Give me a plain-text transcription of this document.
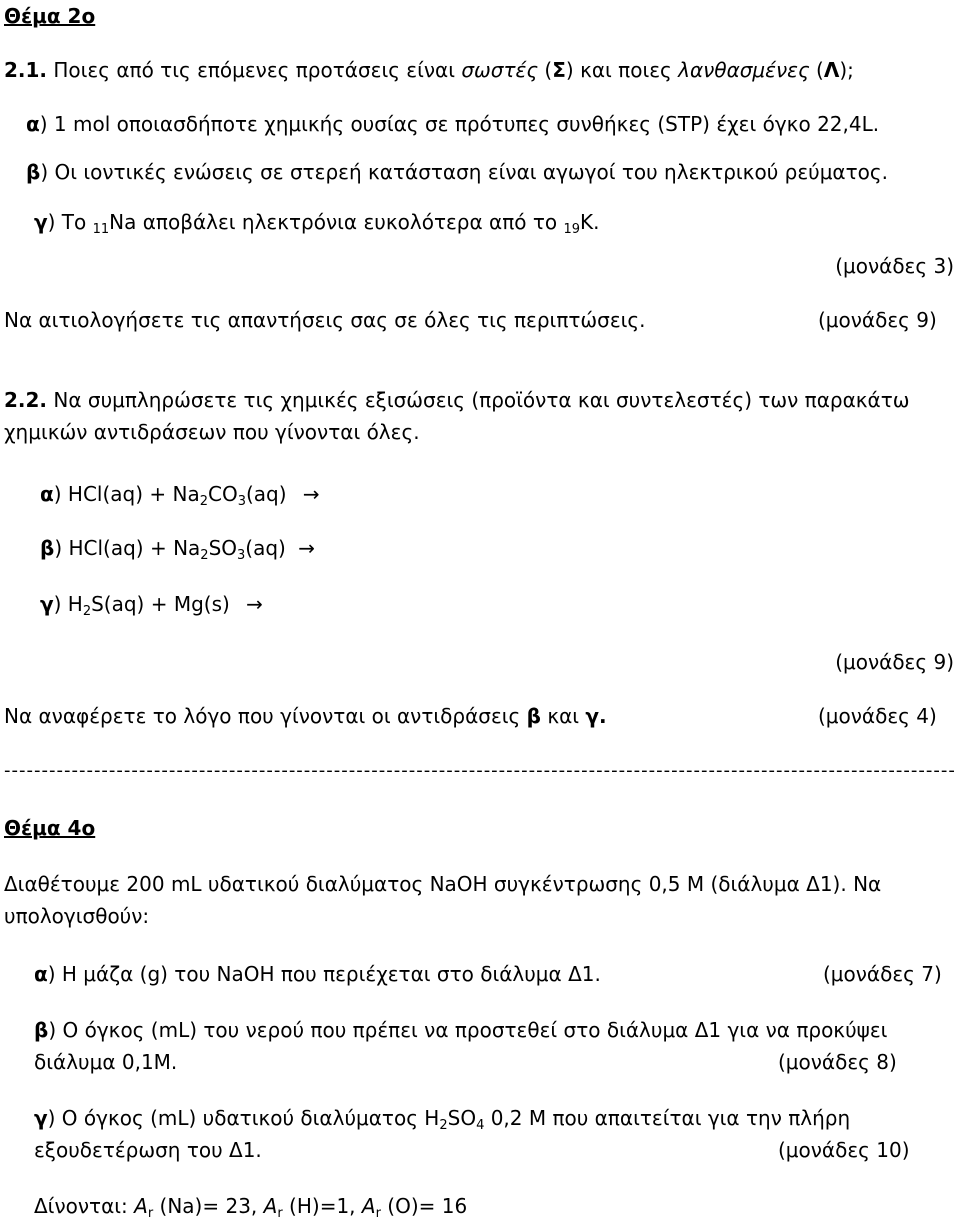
Θέμα 2ο
2.1. Ποιες από τις επόμενες προτάσεις είναι σωστές (Σ) και ποιες λανθασμένες (Λ);
α) 1 mol οποιασδήποτε χημικής ουσίας σε πρότυπες συνθήκες (STP) έχει όγκο 22,4L.
β) Οι ιοντικές ενώσεις σε στερεή κατάσταση είναι αγωγοί του ηλεκτρικού ρεύματος.
γ) Το $_{11}$Na αποβάλει ηλεκτρόνια ευκολότερα από το $_{19}$K.
(μονάδες 3)
Να αιτιολογήσετε τις απαντήσεις σας σε όλες τις περιπτώσεις.	(μονάδες 9)
2.2. Να συμπληρώσετε τις χημικές εξισώσεις (προϊόντα και συντελεστές) των παρακάτω
χημικών αντιδράσεων που γίνονται όλες.
α) $HCl(aq) + Na_2CO_3(aq)$ →
β) $HCl(aq) + Na_2SO_3(aq)$ →
γ) $H_2S(aq) + Mg(s)$ →
(μονάδες 9)
Να αναφέρετε το λόγο που γίνονται οι αντιδράσεις β και γ.	(μονάδες 4)
-------------------------------------------------------------------------------------------------------------------------------
Θέμα 4ο
Διαθέτουμε 200 mL υδατικού διαλύματος NaOH συγκέντρωσης 0,5 M (διάλυμα Δ1). Να
υπολογισθούν:
α) Η μάζα (g) του NaOH που περιέχεται στο διάλυμα Δ1.	(μονάδες 7)
β) Ο όγκος (mL) του νερού που πρέπει να προστεθεί στο διάλυμα Δ1 για να προκύψει
διάλυμα 0,1M.	(μονάδες 8)
γ) Ο όγκος (mL) υδατικού διαλύματος $H_2SO_4$ 0,2 M που απαιτείται για την πλήρη
εξουδετέρωση του Δ1.	(μονάδες 10)
Δίνονται: $A_r$ (Na)= 23, $A_r$ (H)=1, $A_r$ (O)= 16
